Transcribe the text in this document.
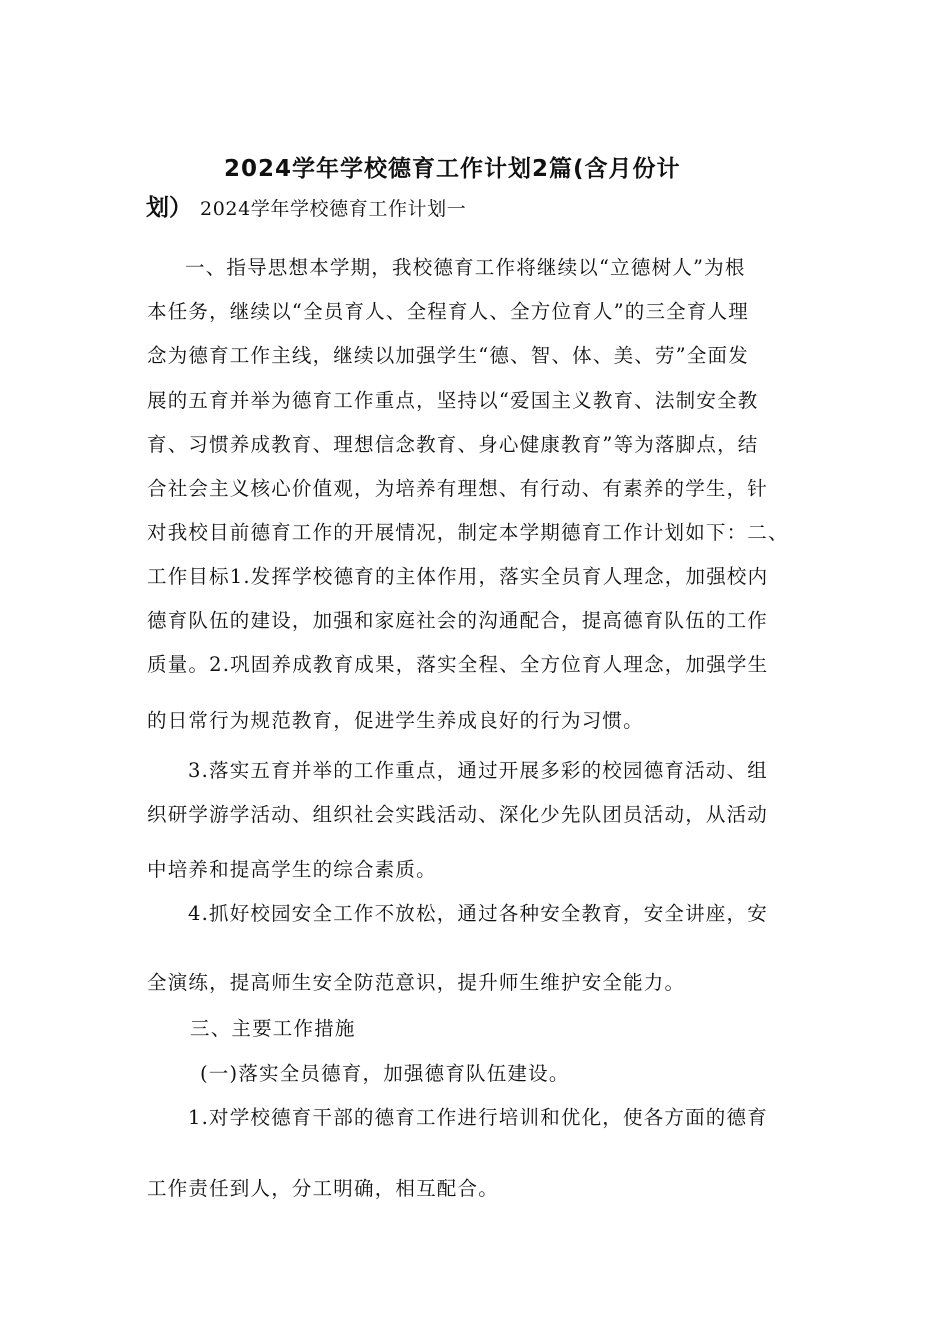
2024学年学校德育工作计划2篇(含月份计
划） 2024学年学校德育工作计划一
一、指导思想本学期，我校德育工作将继续以“立德树人”为根
本任务，继续以“全员育人、全程育人、全方位育人”的三全育人理
念为德育工作主线，继续以加强学生“德、智、体、美、劳”全面发
展的五育并举为德育工作重点，坚持以“爱国主义教育、法制安全教
育、习惯养成教育、理想信念教育、身心健康教育”等为落脚点，结
合社会主义核心价值观，为培养有理想、有行动、有素养的学生，针
对我校目前德育工作的开展情况，制定本学期德育工作计划如下：二、
工作目标1.发挥学校德育的主体作用，落实全员育人理念，加强校内
德育队伍的建设，加强和家庭社会的沟通配合，提高德育队伍的工作
质量。2.巩固养成教育成果，落实全程、全方位育人理念，加强学生
的日常行为规范教育，促进学生养成良好的行为习惯。
3.落实五育并举的工作重点，通过开展多彩的校园德育活动、组
织研学游学活动、组织社会实践活动、深化少先队团员活动，从活动
中培养和提高学生的综合素质。
4.抓好校园安全工作不放松，通过各种安全教育，安全讲座，安
全演练，提高师生安全防范意识，提升师生维护安全能力。
三、主要工作措施
(一)落实全员德育，加强德育队伍建设。
1.对学校德育干部的德育工作进行培训和优化，使各方面的德育
工作责任到人，分工明确，相互配合。
